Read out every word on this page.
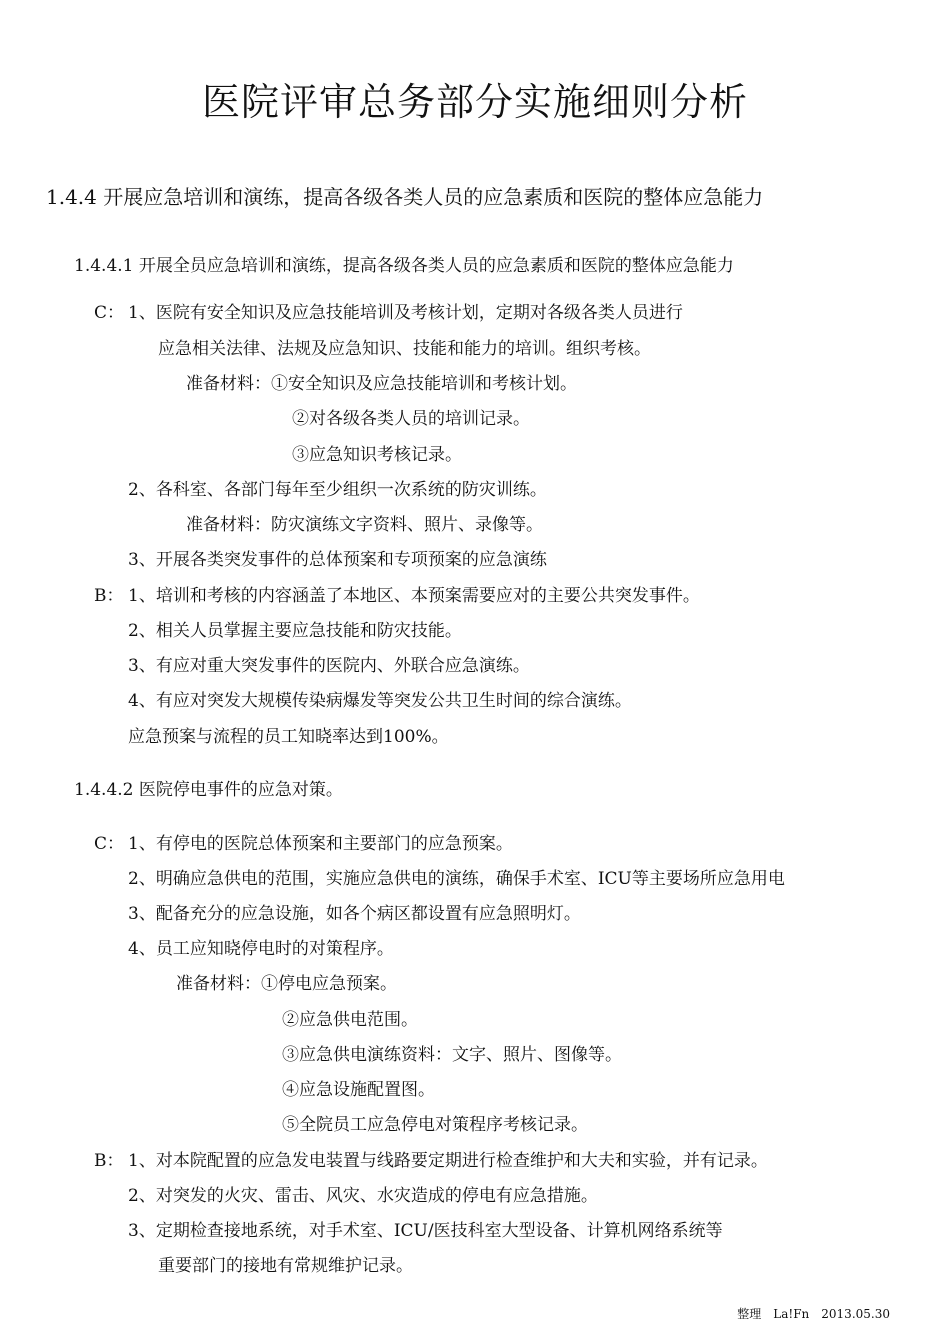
医院评审总务部分实施细则分析
1.4.4 开展应急培训和演练，提高各级各类人员的应急素质和医院的整体应急能力
1.4.4.1 开展全员应急培训和演练，提高各级各类人员的应急素质和医院的整体应急能力
C： 1、医院有安全知识及应急技能培训及考核计划，定期对各级各类人员进行
应急相关法律、法规及应急知识、技能和能力的培训。组织考核。
准备材料：①安全知识及应急技能培训和考核计划。
②对各级各类人员的培训记录。
③应急知识考核记录。
2、各科室、各部门每年至少组织一次系统的防灾训练。
准备材料：防灾演练文字资料、照片、录像等。
3、开展各类突发事件的总体预案和专项预案的应急演练
B： 1、培训和考核的内容涵盖了本地区、本预案需要应对的主要公共突发事件。
2、相关人员掌握主要应急技能和防灾技能。
3、有应对重大突发事件的医院内、外联合应急演练。
4、有应对突发大规模传染病爆发等突发公共卫生时间的综合演练。
应急预案与流程的员工知晓率达到100%。
1.4.4.2 医院停电事件的应急对策。
C： 1、有停电的医院总体预案和主要部门的应急预案。
2、明确应急供电的范围，实施应急供电的演练，确保手术室、ICU等主要场所应急用电
3、配备充分的应急设施，如各个病区都设置有应急照明灯。
4、员工应知晓停电时的对策程序。
准备材料：①停电应急预案。
②应急供电范围。
③应急供电演练资料：文字、照片、图像等。
④应急设施配置图。
⑤全院员工应急停电对策程序考核记录。
B： 1、对本院配置的应急发电装置与线路要定期进行检查维护和大夫和实验，并有记录。
2、对突发的火灾、雷击、风灾、水灾造成的停电有应急措施。
3、定期检查接地系统，对手术室、ICU/医技科室大型设备、计算机网络系统等
重要部门的接地有常规维护记录。
整理　La!Fn　2013.05.30
